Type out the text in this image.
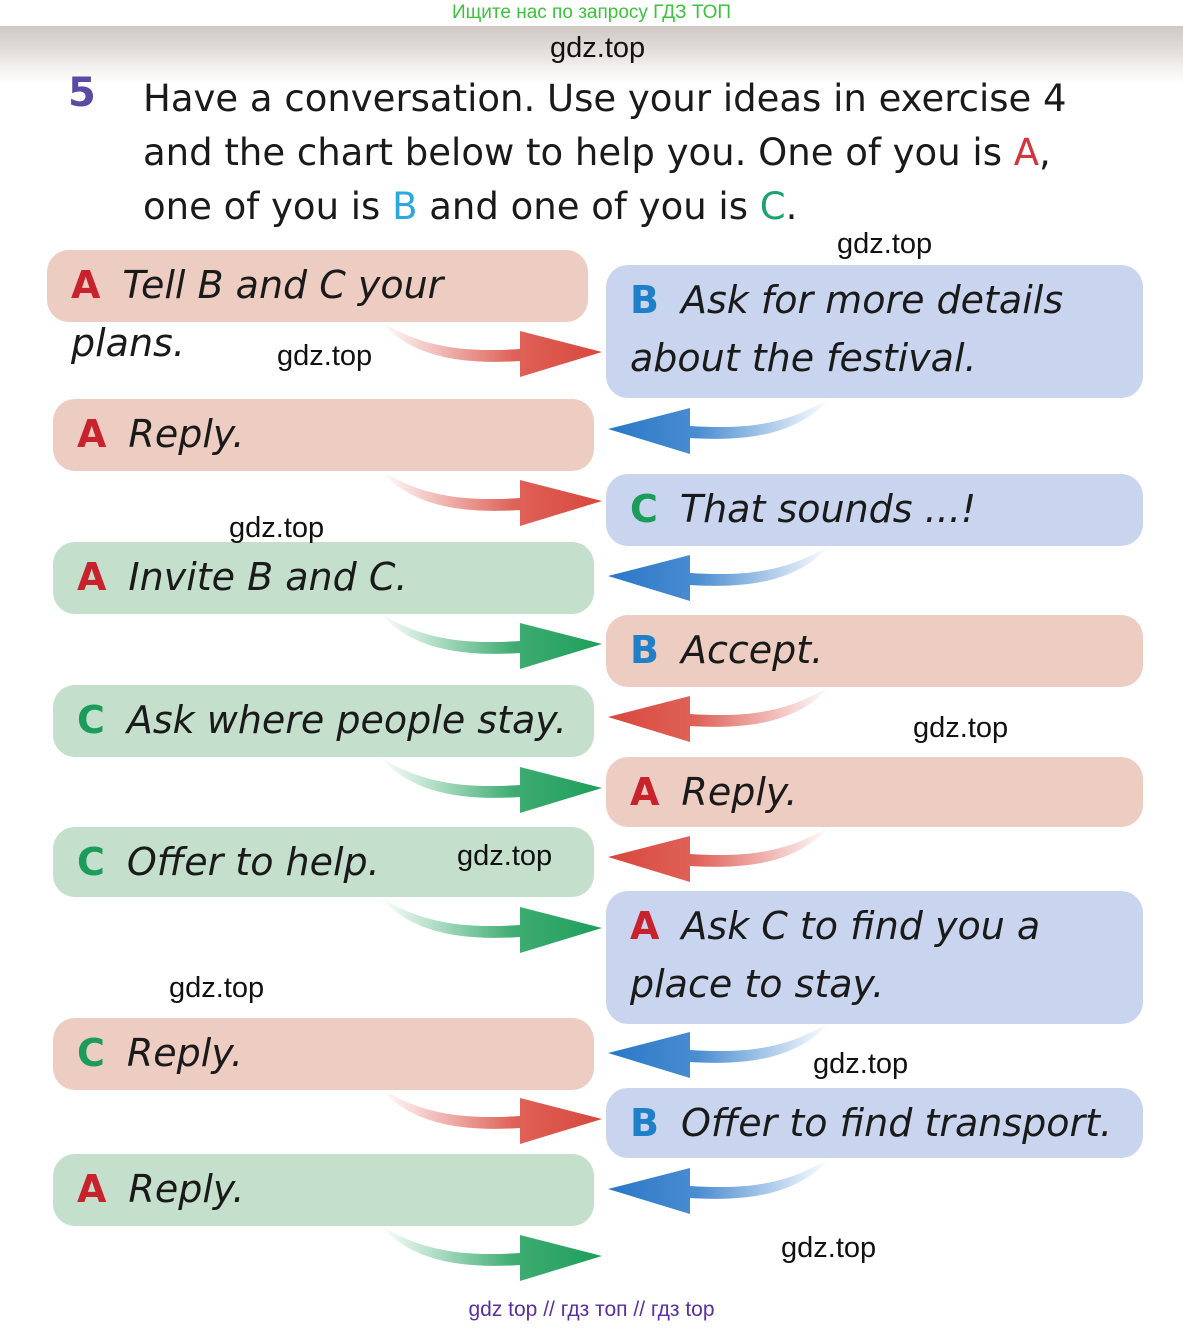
Ищите нас по запросу ГДЗ ТОП
gdz.top
5 Have a conversation. Use your ideas in exercise 4 and the chart below to help you. One of you is A, one of you is B and one of you is C.
gdz.top
gdz.top
A Tell B and C your plans.
B Ask for more details about the festival.
A Reply.
C That sounds ...!
A Invite B and C.
B Accept.
C Ask where people stay.
A Reply.
C Offer to help.
A Ask C to find you a place to stay.
C Reply.
B Offer to find transport.
A Reply.
gdz.top
gdz.top
gdz.top
gdz.top
gdz.top
gdz.top
gdz top // гдз топ // гдз top
